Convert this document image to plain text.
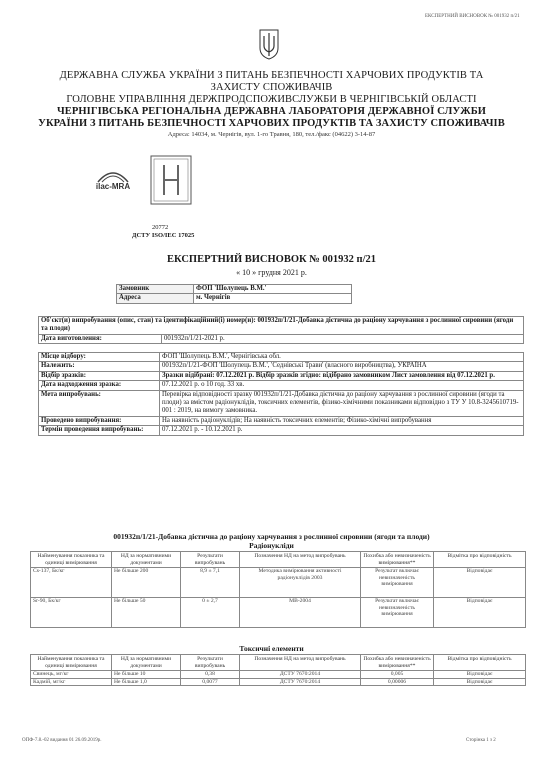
ЕКСПЕРТНИЙ ВИСНОВОК № 001932 п/21
ДЕРЖАВНА СЛУЖБА УКРАЇНИ З ПИТАНЬ БЕЗПЕЧНОСТІ ХАРЧОВИХ ПРОДУКТІВ ТА
ЗАХИСТУ СПОЖИВАЧІВ
ГОЛОВНЕ УПРАВЛІННЯ ДЕРЖПРОДСПОЖИВСЛУЖБИ В ЧЕРНІГІВСЬКІЙ ОБЛАСТІ
ЧЕРНІГІВСЬКА РЕГІОНАЛЬНА ДЕРЖАВНА ЛАБОРАТОРІЯ ДЕРЖАВНОЇ СЛУЖБИ
УКРАЇНИ З ПИТАНЬ БЕЗПЕЧНОСТІ ХАРЧОВИХ ПРОДУКТІВ ТА ЗАХИСТУ СПОЖИВАЧІВ
Адреса: 14034, м. Чернігів, вул. 1-го Травня, 180, тел./факс (04622) 3-14-87
ilac-MRA
20772
ДСТУ ISO/IEC 17025
ЕКСПЕРТНИЙ ВИСНОВОК № 001932 п/21
« 10 » грудня 2021 р.
Замовник	ФОП 'Шолупець В.М.'
Адреса	м. Чернігів
Об'єкт(и) випробування (опис, стан) та ідентифікаційний(і) номер(и): 001932п/1/21-Добавка дієтична до раціону харчування з рослинної сировини (ягоди та плоди)
Дата виготовлення:	001932п/1/21-2021 р.
Місце відбору:	ФОП 'Шолупець В.М.', Чернігівська обл.
Належить:	001932п/1/21-ФОП 'Шолупець В.М.', 'Седнівські Трави' (власного виробництва), УКРАЇНА
Відбір зразків:	Зразки відібрані: 07.12.2021 р. Відбір зразків згідно: відібрано замовником Лист замовлення від 07.12.2021 р.
Дата надходження зразка:	07.12.2021 р. о 10 год. 33 хв.
Мета випробувань:	Перевірка відповідності зразку 001932п/1/21-Добавка дієтична до раціону харчування з рослинної сировини (ягоди та плоди) за вмістом радіонуклідів, токсичних елементів, фізико-хімічними показниками відповідно з ТУ У 10.8-3245610719-001 : 2019, на вимогу замовника.
Проведено випробування:	На наявність радіонуклідів; На наявність токсичних елементів; Фізико-хімічні випробування
Термін проведення випробувань:	07.12.2021 р. - 10.12.2021 р.
001932п/1/21-Добавка дієтична до раціону харчування з рослинної сировини (ягоди та плоди)
Радіонукліди
Найменування показника та одиниці вимірювання	НД за нормативними документами	Результати випробувань	Позначення НД на метод випробувань	Похибка або невизначеність вимірювання**	Відмітка про відповідність
Cs-137, Бк/кг	Не більше 200	8,9 ± 7,1	Методика вимірювання активності радіонуклідів 2003	Результат включає невизначеність вимірювання	Відповідає
Sr-90, Бк/кг	Не більше 50	0 ± 2,7	МВ-2004	Результат включає невизначеність вимірювання	Відповідає
Токсичні елементи
Найменування показника та одиниці вимірювання	НД за нормативними документами	Результати випробувань	Позначення НД на метод випробувань	Похибка або невизначеність вимірювання**	Відмітка про відповідність
Свинець, мг/кг	Не більше 10	0,38	ДСТУ 7670:2014	0,005	Відповідає
Кадмій, мг/кг	Не більше 1,0	0,0077	ДСТУ 7670:2014	0,00006	Відповідає
ОПФ-7.8.-02 видання 01 26.09.2019р.	Сторінка 1 з 2
